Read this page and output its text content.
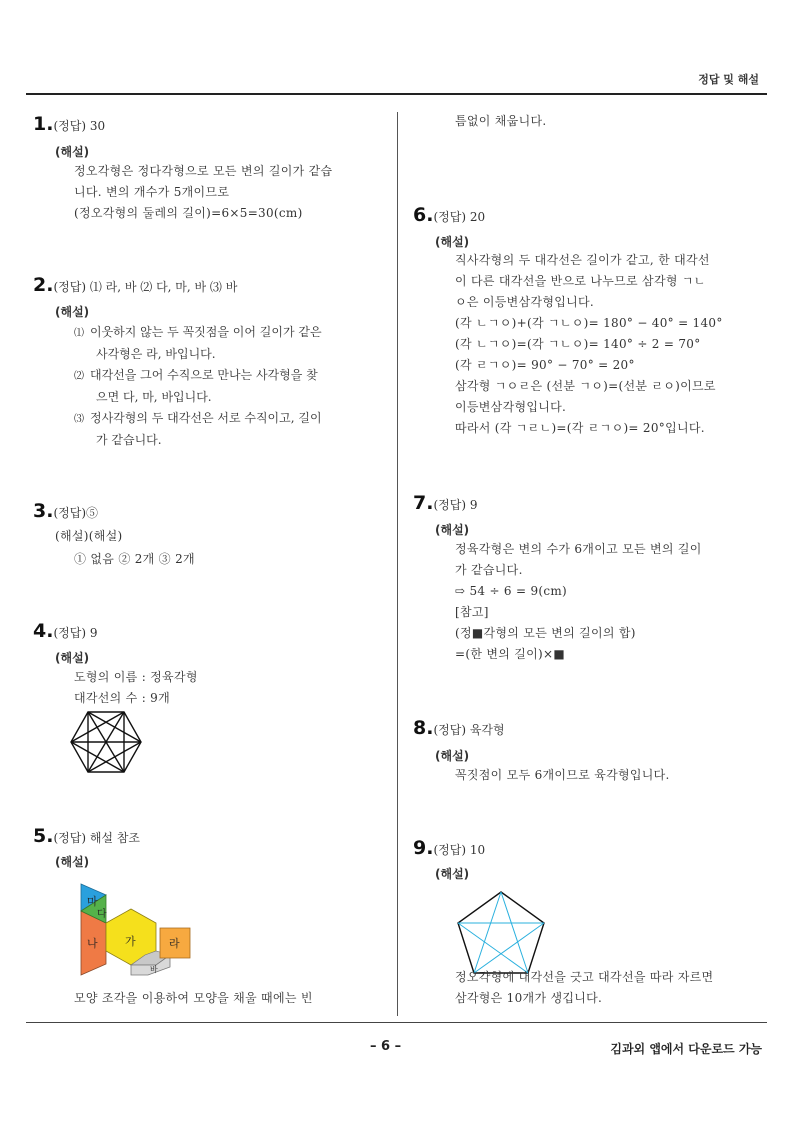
정답 및 해설
1.(정답) 30
(해설)
정오각형은 정다각형으로 모든 변의 길이가 같습
니다. 변의 개수가 5개이므로
(정오각형의 둘레의 길이)=6×5=30(cm)
2.(정답) ⑴ 라, 바 ⑵ 다, 마, 바 ⑶ 바
(해설)
⑴ 이웃하지 않는 두 꼭짓점을 이어 길이가 같은
사각형은 라, 바입니다.
⑵ 대각선을 그어 수직으로 만나는 사각형을 찾
으면 다, 마, 바입니다.
⑶ 정사각형의 두 대각선은 서로 수직이고, 길이
가 같습니다.
3.(정답)⑤
(해설)(해설)
① 없음 ② 2개 ③ 2개
4.(정답) 9
(해설)
도형의 이름 : 정육각형
대각선의 수 : 9개
5.(정답) 해설 참조
(해설)
마
다
나 가	라
바
모양 조각을 이용하여 모양을 채울 때에는 빈
틈없이 채웁니다.
6.(정답) 20
(해설)
직사각형의 두 대각선은 길이가 같고, 한 대각선
이 다른 대각선을 반으로 나누므로 삼각형 ㄱㄴ
ㅇ은 이등변삼각형입니다.
(각 ㄴㄱㅇ)+(각 ㄱㄴㅇ)= 180° − 40° = 140°
(각 ㄴㄱㅇ)=(각 ㄱㄴㅇ)= 140° ÷ 2 = 70°
(각 ㄹㄱㅇ)= 90° − 70° = 20°
삼각형 ㄱㅇㄹ은 (선분 ㄱㅇ)=(선분 ㄹㅇ)이므로
이등변삼각형입니다.
따라서 (각 ㄱㄹㄴ)=(각 ㄹㄱㅇ)= 20°입니다.
7.(정답) 9
(해설)
정육각형은 변의 수가 6개이고 모든 변의 길이
가 같습니다.
⇨ 54 ÷ 6 = 9(cm)
[참고]
(정■각형의 모든 변의 길이의 합)
=(한 변의 길이)×■
8.(정답) 육각형
(해설)
꼭짓점이 모두 6개이므로 육각형입니다.
9.(정답) 10
(해설)
정오각형에 대각선을 긋고 대각선을 따라 자르면
삼각형은 10개가 생깁니다.
– 6 –	김과외 앱에서 다운로드 가능
